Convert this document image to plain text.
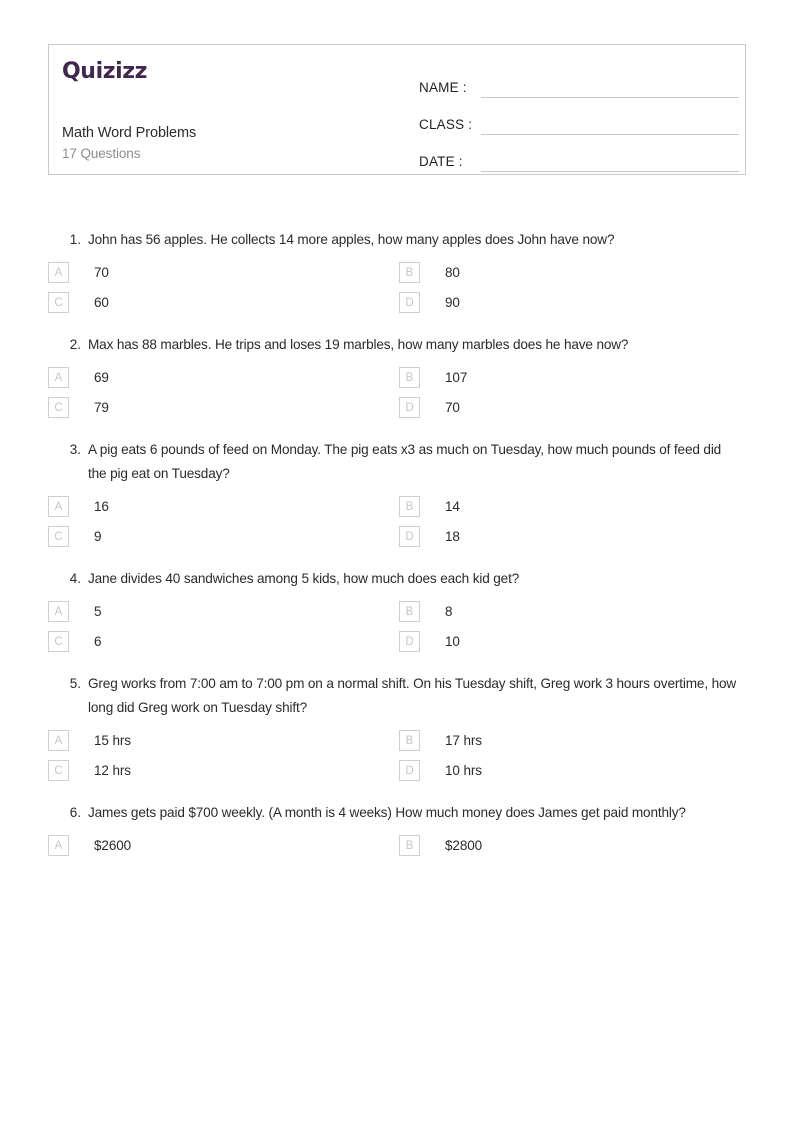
Quizizz
Math Word Problems
17 Questions
NAME :
CLASS :
DATE :
1. John has 56 apples. He collects 14 more apples, how many apples does John have now?
A	70	B	80
C	60	D	90
2. Max has 88 marbles. He trips and loses 19 marbles, how many marbles does he have now?
A	69	B	107
C	79	D	70
3. A pig eats 6 pounds of feed on Monday. The pig eats x3 as much on Tuesday, how much pounds of feed did the pig eat on Tuesday?
A	16	B	14
C	9	D	18
4. Jane divides 40 sandwiches among 5 kids, how much does each kid get?
A	5	B	8
C	6	D	10
5. Greg works from 7:00 am to 7:00 pm on a normal shift. On his Tuesday shift, Greg work 3 hours overtime, how long did Greg work on Tuesday shift?
A	15 hrs	B	17 hrs
C	12 hrs	D	10 hrs
6. James gets paid $700 weekly. (A month is 4 weeks) How much money does James get paid monthly?
A	$2600	B	$2800
